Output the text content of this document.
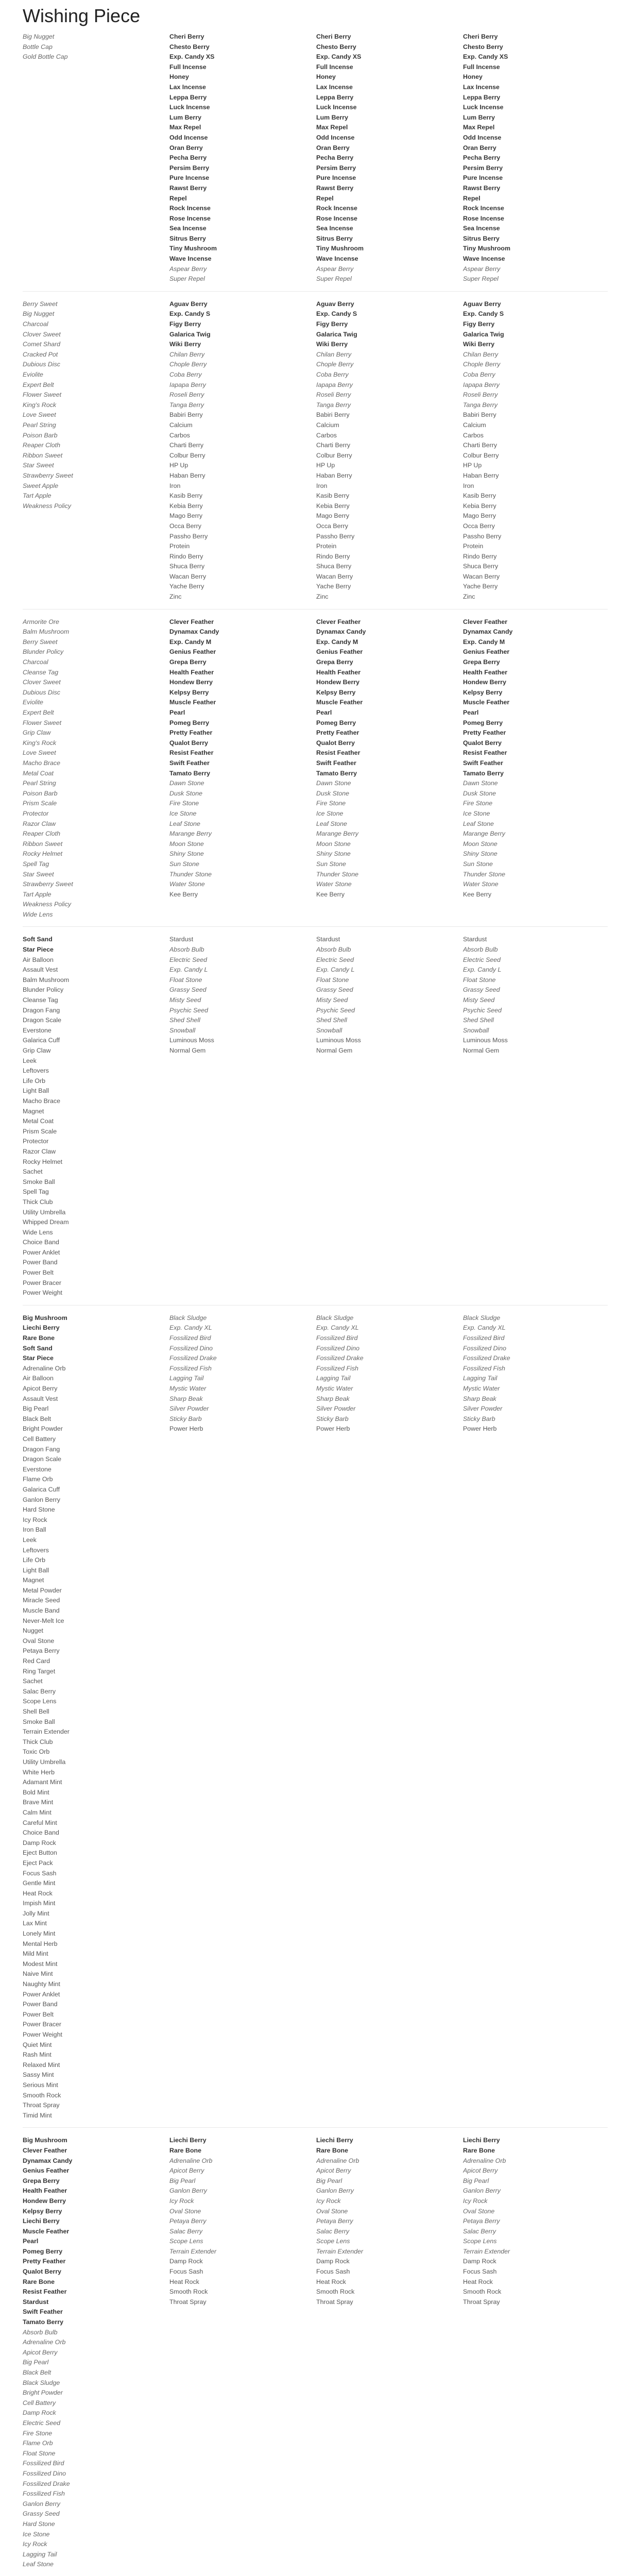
Wishing Piece
Big Nugget
Bottle Cap
Gold Bottle Cap
Cheri Berry
Chesto Berry
Exp. Candy XS
Full Incense
Honey
Lax Incense
Leppa Berry
Luck Incense
Lum Berry
Max Repel
Odd Incense
Oran Berry
Pecha Berry
Persim Berry
Pure Incense
Rawst Berry
Repel
Rock Incense
Rose Incense
Sea Incense
Sitrus Berry
Tiny Mushroom
Wave Incense
Aspear Berry
Super Repel
Cheri Berry
Chesto Berry
Exp. Candy XS
Full Incense
Honey
Lax Incense
Leppa Berry
Luck Incense
Lum Berry
Max Repel
Odd Incense
Oran Berry
Pecha Berry
Persim Berry
Pure Incense
Rawst Berry
Repel
Rock Incense
Rose Incense
Sea Incense
Sitrus Berry
Tiny Mushroom
Wave Incense
Aspear Berry
Super Repel
Cheri Berry
Chesto Berry
Exp. Candy XS
Full Incense
Honey
Lax Incense
Leppa Berry
Luck Incense
Lum Berry
Max Repel
Odd Incense
Oran Berry
Pecha Berry
Persim Berry
Pure Incense
Rawst Berry
Repel
Rock Incense
Rose Incense
Sea Incense
Sitrus Berry
Tiny Mushroom
Wave Incense
Aspear Berry
Super Repel
Berry Sweet
Big Nugget
Charcoal
Clover Sweet
Comet Shard
Cracked Pot
Dubious Disc
Eviolite
Expert Belt
Flower Sweet
King's Rock
Love Sweet
Pearl String
Poison Barb
Reaper Cloth
Ribbon Sweet
Star Sweet
Strawberry Sweet
Sweet Apple
Tart Apple
Weakness Policy
Aguav Berry
Exp. Candy S
Figy Berry
Galarica Twig
Wiki Berry
Chilan Berry
Chople Berry
Coba Berry
Iapapa Berry
Roseli Berry
Tanga Berry
Babiri Berry
Calcium
Carbos
Charti Berry
Colbur Berry
HP Up
Haban Berry
Iron
Kasib Berry
Kebia Berry
Mago Berry
Occa Berry
Passho Berry
Protein
Rindo Berry
Shuca Berry
Wacan Berry
Yache Berry
Zinc
Aguav Berry
Exp. Candy S
Figy Berry
Galarica Twig
Wiki Berry
Chilan Berry
Chople Berry
Coba Berry
Iapapa Berry
Roseli Berry
Tanga Berry
Babiri Berry
Calcium
Carbos
Charti Berry
Colbur Berry
HP Up
Haban Berry
Iron
Kasib Berry
Kebia Berry
Mago Berry
Occa Berry
Passho Berry
Protein
Rindo Berry
Shuca Berry
Wacan Berry
Yache Berry
Zinc
Aguav Berry
Exp. Candy S
Figy Berry
Galarica Twig
Wiki Berry
Chilan Berry
Chople Berry
Coba Berry
Iapapa Berry
Roseli Berry
Tanga Berry
Babiri Berry
Calcium
Carbos
Charti Berry
Colbur Berry
HP Up
Haban Berry
Iron
Kasib Berry
Kebia Berry
Mago Berry
Occa Berry
Passho Berry
Protein
Rindo Berry
Shuca Berry
Wacan Berry
Yache Berry
Zinc
Armorite Ore
Balm Mushroom
Berry Sweet
Blunder Policy
Charcoal
Cleanse Tag
Clover Sweet
Dubious Disc
Eviolite
Expert Belt
Flower Sweet
Grip Claw
King's Rock
Love Sweet
Macho Brace
Metal Coat
Pearl String
Poison Barb
Prism Scale
Protector
Razor Claw
Reaper Cloth
Ribbon Sweet
Rocky Helmet
Spell Tag
Star Sweet
Strawberry Sweet
Tart Apple
Weakness Policy
Wide Lens
Clever Feather
Dynamax Candy
Exp. Candy M
Genius Feather
Grepa Berry
Health Feather
Hondew Berry
Kelpsy Berry
Muscle Feather
Pearl
Pomeg Berry
Pretty Feather
Qualot Berry
Resist Feather
Swift Feather
Tamato Berry
Dawn Stone
Dusk Stone
Fire Stone
Ice Stone
Leaf Stone
Marange Berry
Moon Stone
Shiny Stone
Sun Stone
Thunder Stone
Water Stone
Kee Berry
Clever Feather
Dynamax Candy
Exp. Candy M
Genius Feather
Grepa Berry
Health Feather
Hondew Berry
Kelpsy Berry
Muscle Feather
Pearl
Pomeg Berry
Pretty Feather
Qualot Berry
Resist Feather
Swift Feather
Tamato Berry
Dawn Stone
Dusk Stone
Fire Stone
Ice Stone
Leaf Stone
Marange Berry
Moon Stone
Shiny Stone
Sun Stone
Thunder Stone
Water Stone
Kee Berry
Clever Feather
Dynamax Candy
Exp. Candy M
Genius Feather
Grepa Berry
Health Feather
Hondew Berry
Kelpsy Berry
Muscle Feather
Pearl
Pomeg Berry
Pretty Feather
Qualot Berry
Resist Feather
Swift Feather
Tamato Berry
Dawn Stone
Dusk Stone
Fire Stone
Ice Stone
Leaf Stone
Marange Berry
Moon Stone
Shiny Stone
Sun Stone
Thunder Stone
Water Stone
Kee Berry
Soft Sand
Star Piece
Air Balloon
Assault Vest
Balm Mushroom
Blunder Policy
Cleanse Tag
Dragon Fang
Dragon Scale
Everstone
Galarica Cuff
Grip Claw
Leek
Leftovers
Life Orb
Light Ball
Macho Brace
Magnet
Metal Coat
Prism Scale
Protector
Razor Claw
Rocky Helmet
Sachet
Smoke Ball
Spell Tag
Thick Club
Utility Umbrella
Whipped Dream
Wide Lens
Choice Band
Power Anklet
Power Band
Power Belt
Power Bracer
Power Weight
Stardust
Absorb Bulb
Electric Seed
Exp. Candy L
Float Stone
Grassy Seed
Misty Seed
Psychic Seed
Shed Shell
Snowball
Luminous Moss
Normal Gem
Stardust
Absorb Bulb
Electric Seed
Exp. Candy L
Float Stone
Grassy Seed
Misty Seed
Psychic Seed
Shed Shell
Snowball
Luminous Moss
Normal Gem
Stardust
Absorb Bulb
Electric Seed
Exp. Candy L
Float Stone
Grassy Seed
Misty Seed
Psychic Seed
Shed Shell
Snowball
Luminous Moss
Normal Gem
Big Mushroom
Liechi Berry
Rare Bone
Soft Sand
Star Piece
Adrenaline Orb
Air Balloon
Apicot Berry
Assault Vest
Big Pearl
Black Belt
Bright Powder
Cell Battery
Dragon Fang
Dragon Scale
Everstone
Flame Orb
Galarica Cuff
Ganlon Berry
Hard Stone
Icy Rock
Iron Ball
Leek
Leftovers
Life Orb
Light Ball
Magnet
Metal Powder
Miracle Seed
Muscle Band
Never-Melt Ice
Nugget
Oval Stone
Petaya Berry
Red Card
Ring Target
Sachet
Salac Berry
Scope Lens
Shell Bell
Smoke Ball
Terrain Extender
Thick Club
Toxic Orb
Utility Umbrella
White Herb
Adamant Mint
Bold Mint
Brave Mint
Calm Mint
Careful Mint
Choice Band
Damp Rock
Eject Button
Eject Pack
Focus Sash
Gentle Mint
Heat Rock
Impish Mint
Jolly Mint
Lax Mint
Lonely Mint
Mental Herb
Mild Mint
Modest Mint
Naive Mint
Naughty Mint
Power Anklet
Power Band
Power Belt
Power Bracer
Power Weight
Quiet Mint
Rash Mint
Relaxed Mint
Sassy Mint
Serious Mint
Smooth Rock
Throat Spray
Timid Mint
Black Sludge
Exp. Candy XL
Fossilized Bird
Fossilized Dino
Fossilized Drake
Fossilized Fish
Lagging Tail
Mystic Water
Sharp Beak
Silver Powder
Sticky Barb
Power Herb
Black Sludge
Exp. Candy XL
Fossilized Bird
Fossilized Dino
Fossilized Drake
Fossilized Fish
Lagging Tail
Mystic Water
Sharp Beak
Silver Powder
Sticky Barb
Power Herb
Black Sludge
Exp. Candy XL
Fossilized Bird
Fossilized Dino
Fossilized Drake
Fossilized Fish
Lagging Tail
Mystic Water
Sharp Beak
Silver Powder
Sticky Barb
Power Herb
Big Mushroom
Clever Feather
Dynamax Candy
Genius Feather
Grepa Berry
Health Feather
Hondew Berry
Kelpsy Berry
Liechi Berry
Muscle Feather
Pearl
Pomeg Berry
Pretty Feather
Qualot Berry
Rare Bone
Resist Feather
Stardust
Swift Feather
Tamato Berry
Absorb Bulb
Adrenaline Orb
Apicot Berry
Big Pearl
Black Belt
Black Sludge
Bright Powder
Cell Battery
Damp Rock
Electric Seed
Fire Stone
Flame Orb
Float Stone
Fossilized Bird
Fossilized Dino
Fossilized Drake
Fossilized Fish
Ganlon Berry
Grassy Seed
Hard Stone
Ice Stone
Icy Rock
Lagging Tail
Leaf Stone
Liechi Berry
Rare Bone
Adrenaline Orb
Apicot Berry
Big Pearl
Ganlon Berry
Icy Rock
Oval Stone
Petaya Berry
Salac Berry
Scope Lens
Terrain Extender
Damp Rock
Focus Sash
Heat Rock
Smooth Rock
Throat Spray
Liechi Berry
Rare Bone
Adrenaline Orb
Apicot Berry
Big Pearl
Ganlon Berry
Icy Rock
Oval Stone
Petaya Berry
Salac Berry
Scope Lens
Terrain Extender
Damp Rock
Focus Sash
Heat Rock
Smooth Rock
Throat Spray
Liechi Berry
Rare Bone
Adrenaline Orb
Apicot Berry
Big Pearl
Ganlon Berry
Icy Rock
Oval Stone
Petaya Berry
Salac Berry
Scope Lens
Terrain Extender
Damp Rock
Focus Sash
Heat Rock
Smooth Rock
Throat Spray
